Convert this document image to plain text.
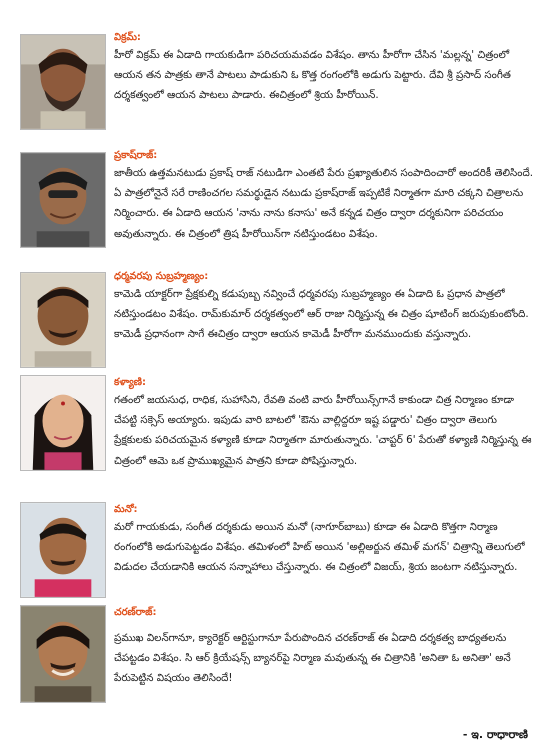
విక్రమ్‌:

హీరో విక్రమ్‌ ఈ ఏడాది గాయకుడిగా పరిచయమవడం విశేషం. తాను హీరోగా చేసిన 'మల్లన్న' చిత్రంలో ఆయన తన పాత్రకు తానే పాటలు పాడుకుని ఓ కొత్త రంగంలోకి అడుగు పెట్టారు. దేవి శ్రీ ప్రసాద్‌ సంగీత దర్శకత్వంలో ఆయన పాటలు పాడారు. ఈచిత్రంలో శ్రియ హీరోయిన్‌.

ప్రకాష్‌రాజ్‌:

జాతీయ ఉత్తమనటుడు ప్రకాష్‌ రాజ్‌ నటుడిగా ఎంతటి పేరు ప్రఖ్యాతులిన సంపాదించారో అందరికీ తెలిసిందే. ఏ పాత్రలోనైనే సరే రాణించగల సమర్థుడైన నటుడు ప్రకాష్‌రాజ్‌ ఇప్పటికే నిర్మాతగా మారి చక్కని చిత్రాలను నిర్మించారు. ఈ ఏడాది ఆయన 'నాను నాను కనాసు' అనే కన్నడ చిత్రం ద్వారా దర్శకునిగా పరిచయం అవుతున్నారు. ఈ చిత్రంలో త్రిష హీరోయిన్‌గా నటిస్తుండటం విశేషం.

ధర్మవరపు సుబ్రహ్మణ్యం:

కామెడి యాక్టర్‌గా ప్రేక్షకుల్ని కడుపుబ్బ నవ్వించే ధర్మవరపు సుబ్రహ్మణ్యం ఈ ఏడాది ఓ ప్రధాన పాత్రలో నటిస్తుండటం విశేషం. రామ్‌కుమార్‌ దర్శకత్వంలో ఆర్‌ రాజు నిర్మిస్తున్న ఈ చిత్రం షూటింగ్‌ జరుపుకుంటోంది. కామెడీ ప్రధానంగా సాగే ఈచిత్రం ద్వారా ఆయన కామెడీ హీరోగా మనముందుకు వస్తున్నారు.

కళ్యాణి:

గతంలో జయసుధ, రాధిక, సుహాసిని, రేవతి వంటి వారు హీరోయిన్స్‌గానే కాకుండా చిత్ర నిర్మాణం కూడా చేపట్టి సక్సెస్‌ అయ్యారు. ఇపుడు వారి బాటలో 'ఔను వాల్లిద్దరూ ఇష్ట పడ్డారు' చిత్రం ద్వారా తెలుగు ప్రేక్షకులకు పరిచయమైన కళ్యాణి కూడా నిర్మాతగా మారుతున్నారు. 'చాప్టర్‌ 6' పేరుతో కళ్యాణి నిర్మిస్తున్న ఈ చిత్రంలో ఆమె ఒక ప్రాముఖ్యమైన పాత్రని కూడా పోషిస్తున్నారు.

మనో:

మరో గాయకుడు, సంగీత దర్శకుడు అయిన మనో (నాగూర్‌బాబు) కూడా ఈ ఏడాది కొత్తగా నిర్మాణ రంగంలోకి అడుగుపెట్టడం విశేషం. తమిళంలో హిట్‌ అయిన 'అల్లిఅర్జున తమిళ్‌ మగన్‌' చిత్రాన్ని తెలుగులో విడుదల చేయడానికి ఆయన సన్నాహాలు చేస్తున్నారు. ఈ చిత్రంలో విజయ్‌, శ్రియ జంటగా నటిస్తున్నారు.

చరణ్‌రాజ్‌:

ప్రముఖ విలన్‌గానూ, క్యారెక్టర్‌ ఆర్టిస్టుగానూ పేరుపొందిన చరణ్‌రాజ్‌ ఈ ఏడాది దర్శకత్వ బాధ్యతలను చేపట్టడం విశేషం. సి ఆర్‌ క్రియేషన్స్‌ బ్యానర్‌పై నిర్మాణ మవుతున్న ఈ చిత్రానికి 'అనితా ఓ అనితా' అనే పేరుపెట్టిన విషయం తెలిసిందే!

- ఇ. రాధారాణి
